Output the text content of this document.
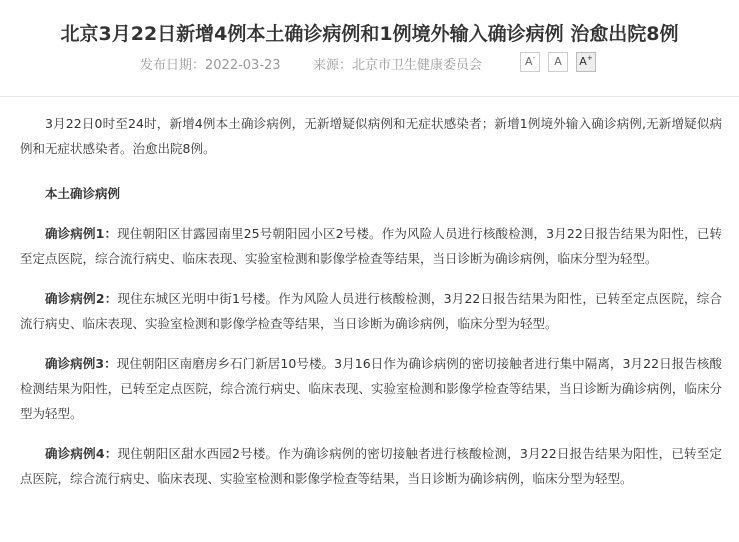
北京3月22日新增4例本土确诊病例和1例境外输入确诊病例 治愈出院8例
发布日期：2022-03-23 来源：北京市卫生健康委员会	A-	A	A+

3月22日0时至24时，新增4例本土确诊病例，无新增疑似病例和无症状感染者；新增1例境外输入确诊病例,无新增疑似病例和无症状感染者。治愈出院8例。

本土确诊病例

确诊病例1：现住朝阳区甘露园南里25号朝阳园小区2号楼。作为风险人员进行核酸检测，3月22日报告结果为阳性，已转至定点医院，综合流行病史、临床表现、实验室检测和影像学检查等结果，当日诊断为确诊病例，临床分型为轻型。

确诊病例2：现住东城区光明中街1号楼。作为风险人员进行核酸检测，3月22日报告结果为阳性，已转至定点医院，综合流行病史、临床表现、实验室检测和影像学检查等结果，当日诊断为确诊病例，临床分型为轻型。

确诊病例3：现住朝阳区南磨房乡石门新居10号楼。3月16日作为确诊病例的密切接触者进行集中隔离，3月22日报告核酸检测结果为阳性，已转至定点医院，综合流行病史、临床表现、实验室检测和影像学检查等结果，当日诊断为确诊病例，临床分型为轻型。

确诊病例4：现住朝阳区甜水西园2号楼。作为确诊病例的密切接触者进行核酸检测，3月22日报告结果为阳性，已转至定点医院，综合流行病史、临床表现、实验室检测和影像学检查等结果，当日诊断为确诊病例，临床分型为轻型。
